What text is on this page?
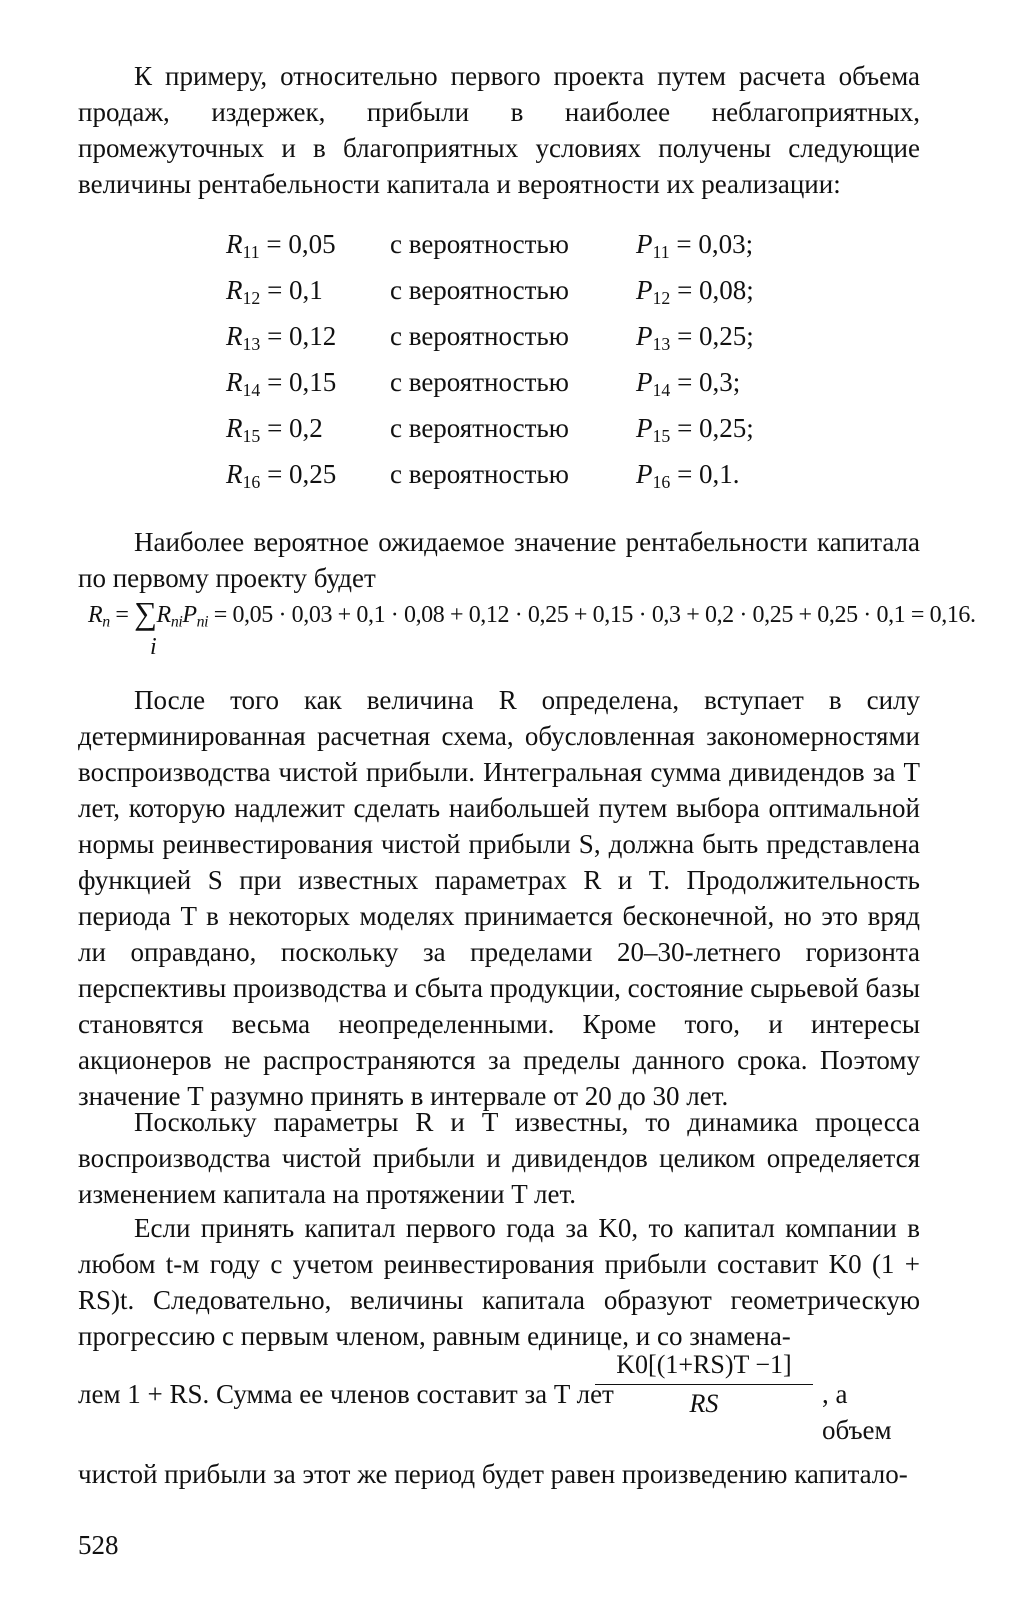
К примеру, относительно первого проекта путем расчета объема продаж, издержек, прибыли в наиболее неблагоприятных, промежуточных и в благоприятных условиях получены следующие величины рентабельности капитала и вероятности их реализации:

$R_{11} = 0,05$ с вероятностью $P_{11} = 0,03$;
$R_{12} = 0,1$ с вероятностью $P_{12} = 0,08$;
$R_{13} = 0,12$ с вероятностью $P_{13} = 0,25$;
$R_{14} = 0,15$ с вероятностью $P_{14} = 0,3$;
$R_{15} = 0,2$ с вероятностью $P_{15} = 0,25$;
$R_{16} = 0,25$ с вероятностью $P_{16} = 0,1$.

Наиболее вероятное ожидаемое значение рентабельности капитала по первому проекту будет

$R_n = \sum R_{ni}P_{ni} = 0,05 \cdot 0,03 + 0,1 \cdot 0,08 + 0,12 \cdot 0,25 + 0,15 \cdot 0,3 + 0,2 \cdot 0,25 + 0,25 \cdot 0,1 = 0,16$.
i

После того как величина R определена, вступает в силу детерминированная расчетная схема, обусловленная закономерностями воспроизводства чистой прибыли. Интегральная сумма дивидендов за T лет, которую надлежит сделать наибольшей путем выбора оптимальной нормы реинвестирования чистой прибыли S, должна быть представлена функцией S при известных параметрах R и T. Продолжительность периода T в некоторых моделях принимается бесконечной, но это вряд ли оправдано, поскольку за пределами 20–30-летнего горизонта перспективы производства и сбыта продукции, состояние сырьевой базы становятся весьма неопределенными. Кроме того, и интересы акционеров не распространяются за пределы данного срока. Поэтому значение T разумно принять в интервале от 20 до 30 лет.

Поскольку параметры R и T известны, то динамика процесса воспроизводства чистой прибыли и дивидендов целиком определяется изменением капитала на протяжении T лет.

Если принять капитал первого года за K0, то капитал компании в любом t-м году с учетом реинвестирования прибыли составит K0 (1 + RS)t. Следовательно, величины капитала образуют геометрическую прогрессию с первым членом, равным единице, и со знамена-

лем 1 + RS. Сумма ее членов составит за T лет
K0[(1+RS)T −1]
RS	, а объем

чистой прибыли за этот же период будет равен произведению капитало-

528
